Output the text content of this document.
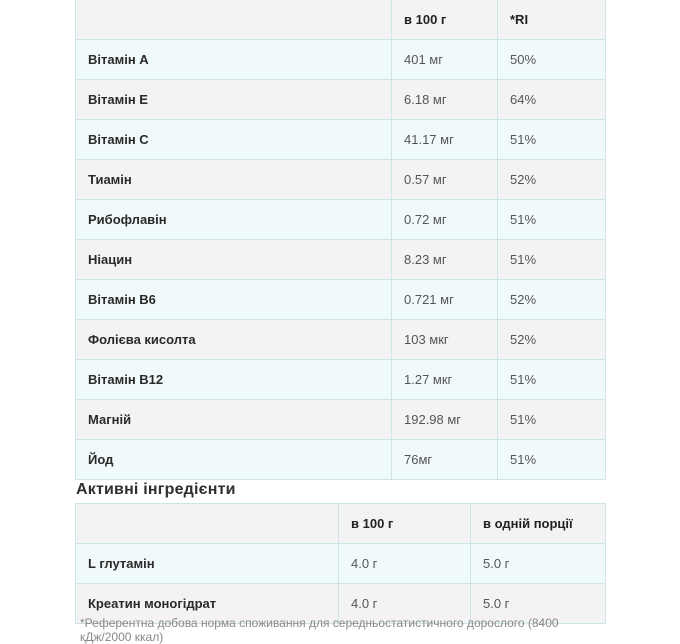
	в 100 г	*RI
Вітамін А	401 мг	50%
Вітамін Е	6.18 мг	64%
Вітамін С	41.17 мг	51%
Тиамін	0.57 мг	52%
Рибофлавін	0.72 мг	51%
Ніацин	8.23 мг	51%
Вітамін В6	0.721 мг	52%
Фолієва кисолта	103 мкг	52%
Вітамін В12	1.27 мкг	51%
Магній	192.98 мг	51%
Йод	76мг	51%
Активні інгредієнти
	в 100 г	в одній порції
L глутамін	4.0 г	5.0 г
Креатин моногідрат	4.0 г	5.0 г
*Референтна добова норма споживання для середньостатистичного дорослого (8400 кДж/2000 ккал)
